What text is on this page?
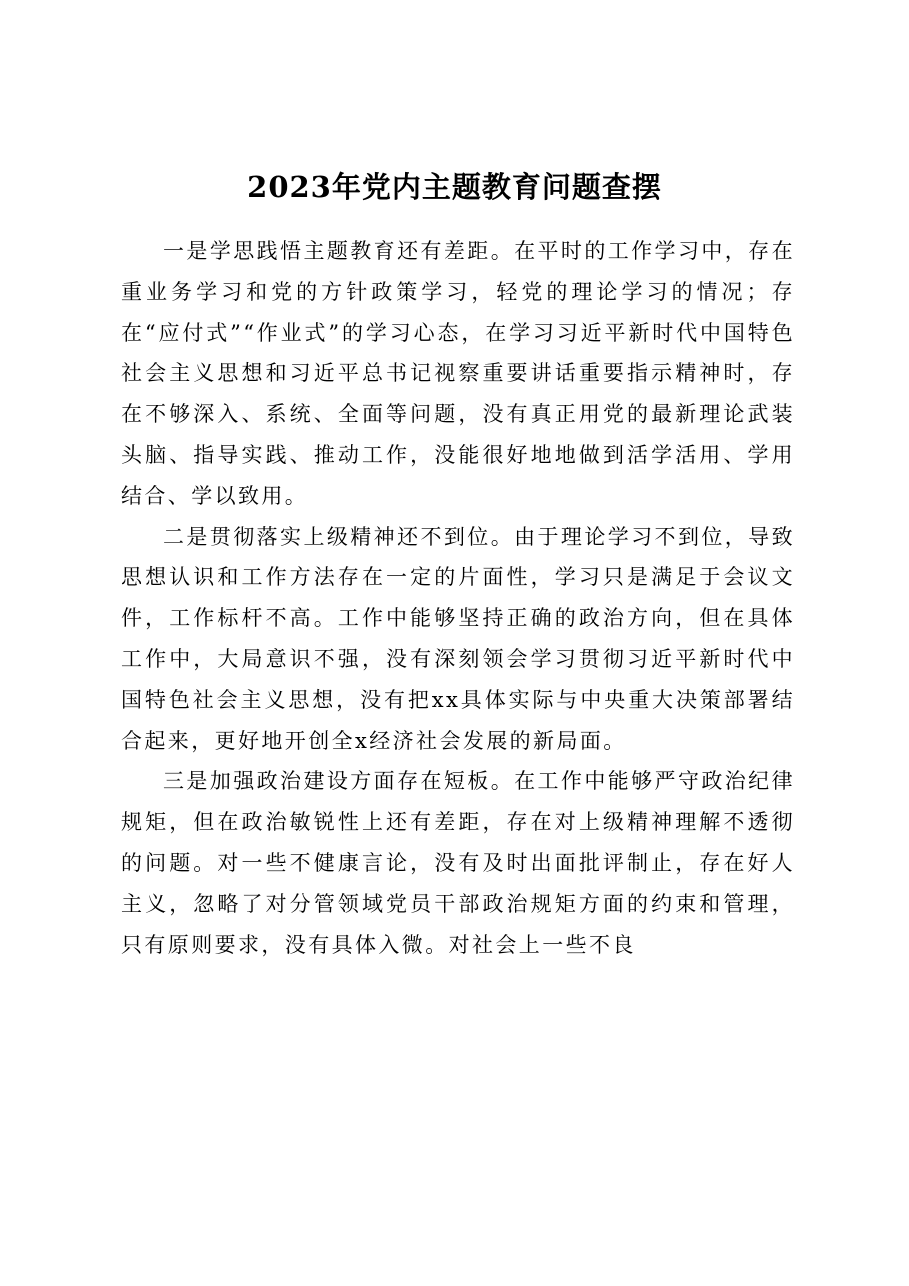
2023年党内主题教育问题查摆

一是学思践悟主题教育还有差距。在平时的工作学习中，存在重业务学习和党的方针政策学习，轻党的理论学习的情况；存在“应付式”“作业式”的学习心态，在学习习近平新时代中国特色社会主义思想和习近平总书记视察重要讲话重要指示精神时，存在不够深入、系统、全面等问题，没有真正用党的最新理论武装头脑、指导实践、推动工作，没能很好地地做到活学活用、学用结合、学以致用。

二是贯彻落实上级精神还不到位。由于理论学习不到位，导致思想认识和工作方法存在一定的片面性，学习只是满足于会议文件，工作标杆不高。工作中能够坚持正确的政治方向，但在具体工作中，大局意识不强，没有深刻领会学习贯彻习近平新时代中国特色社会主义思想，没有把xx具体实际与中央重大决策部署结合起来，更好地开创全x经济社会发展的新局面。

三是加强政治建设方面存在短板。在工作中能够严守政治纪律规矩，但在政治敏锐性上还有差距，存在对上级精神理解不透彻的问题。对一些不健康言论，没有及时出面批评制止，存在好人主义，忽略了对分管领域党员干部政治规矩方面的约束和管理，只有原则要求，没有具体入微。对社会上一些不良
